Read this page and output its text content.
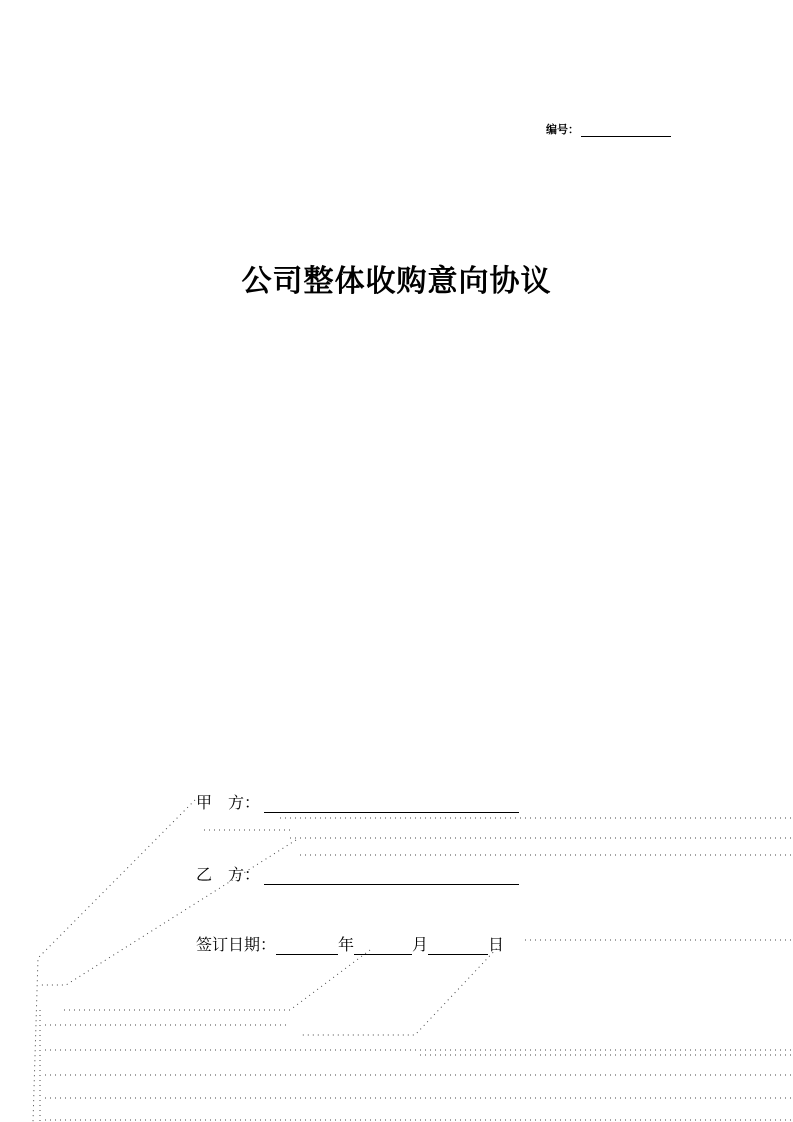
编号：
公司整体收购意向协议
甲　方：
乙　方：
签订日期：	年	月	日
